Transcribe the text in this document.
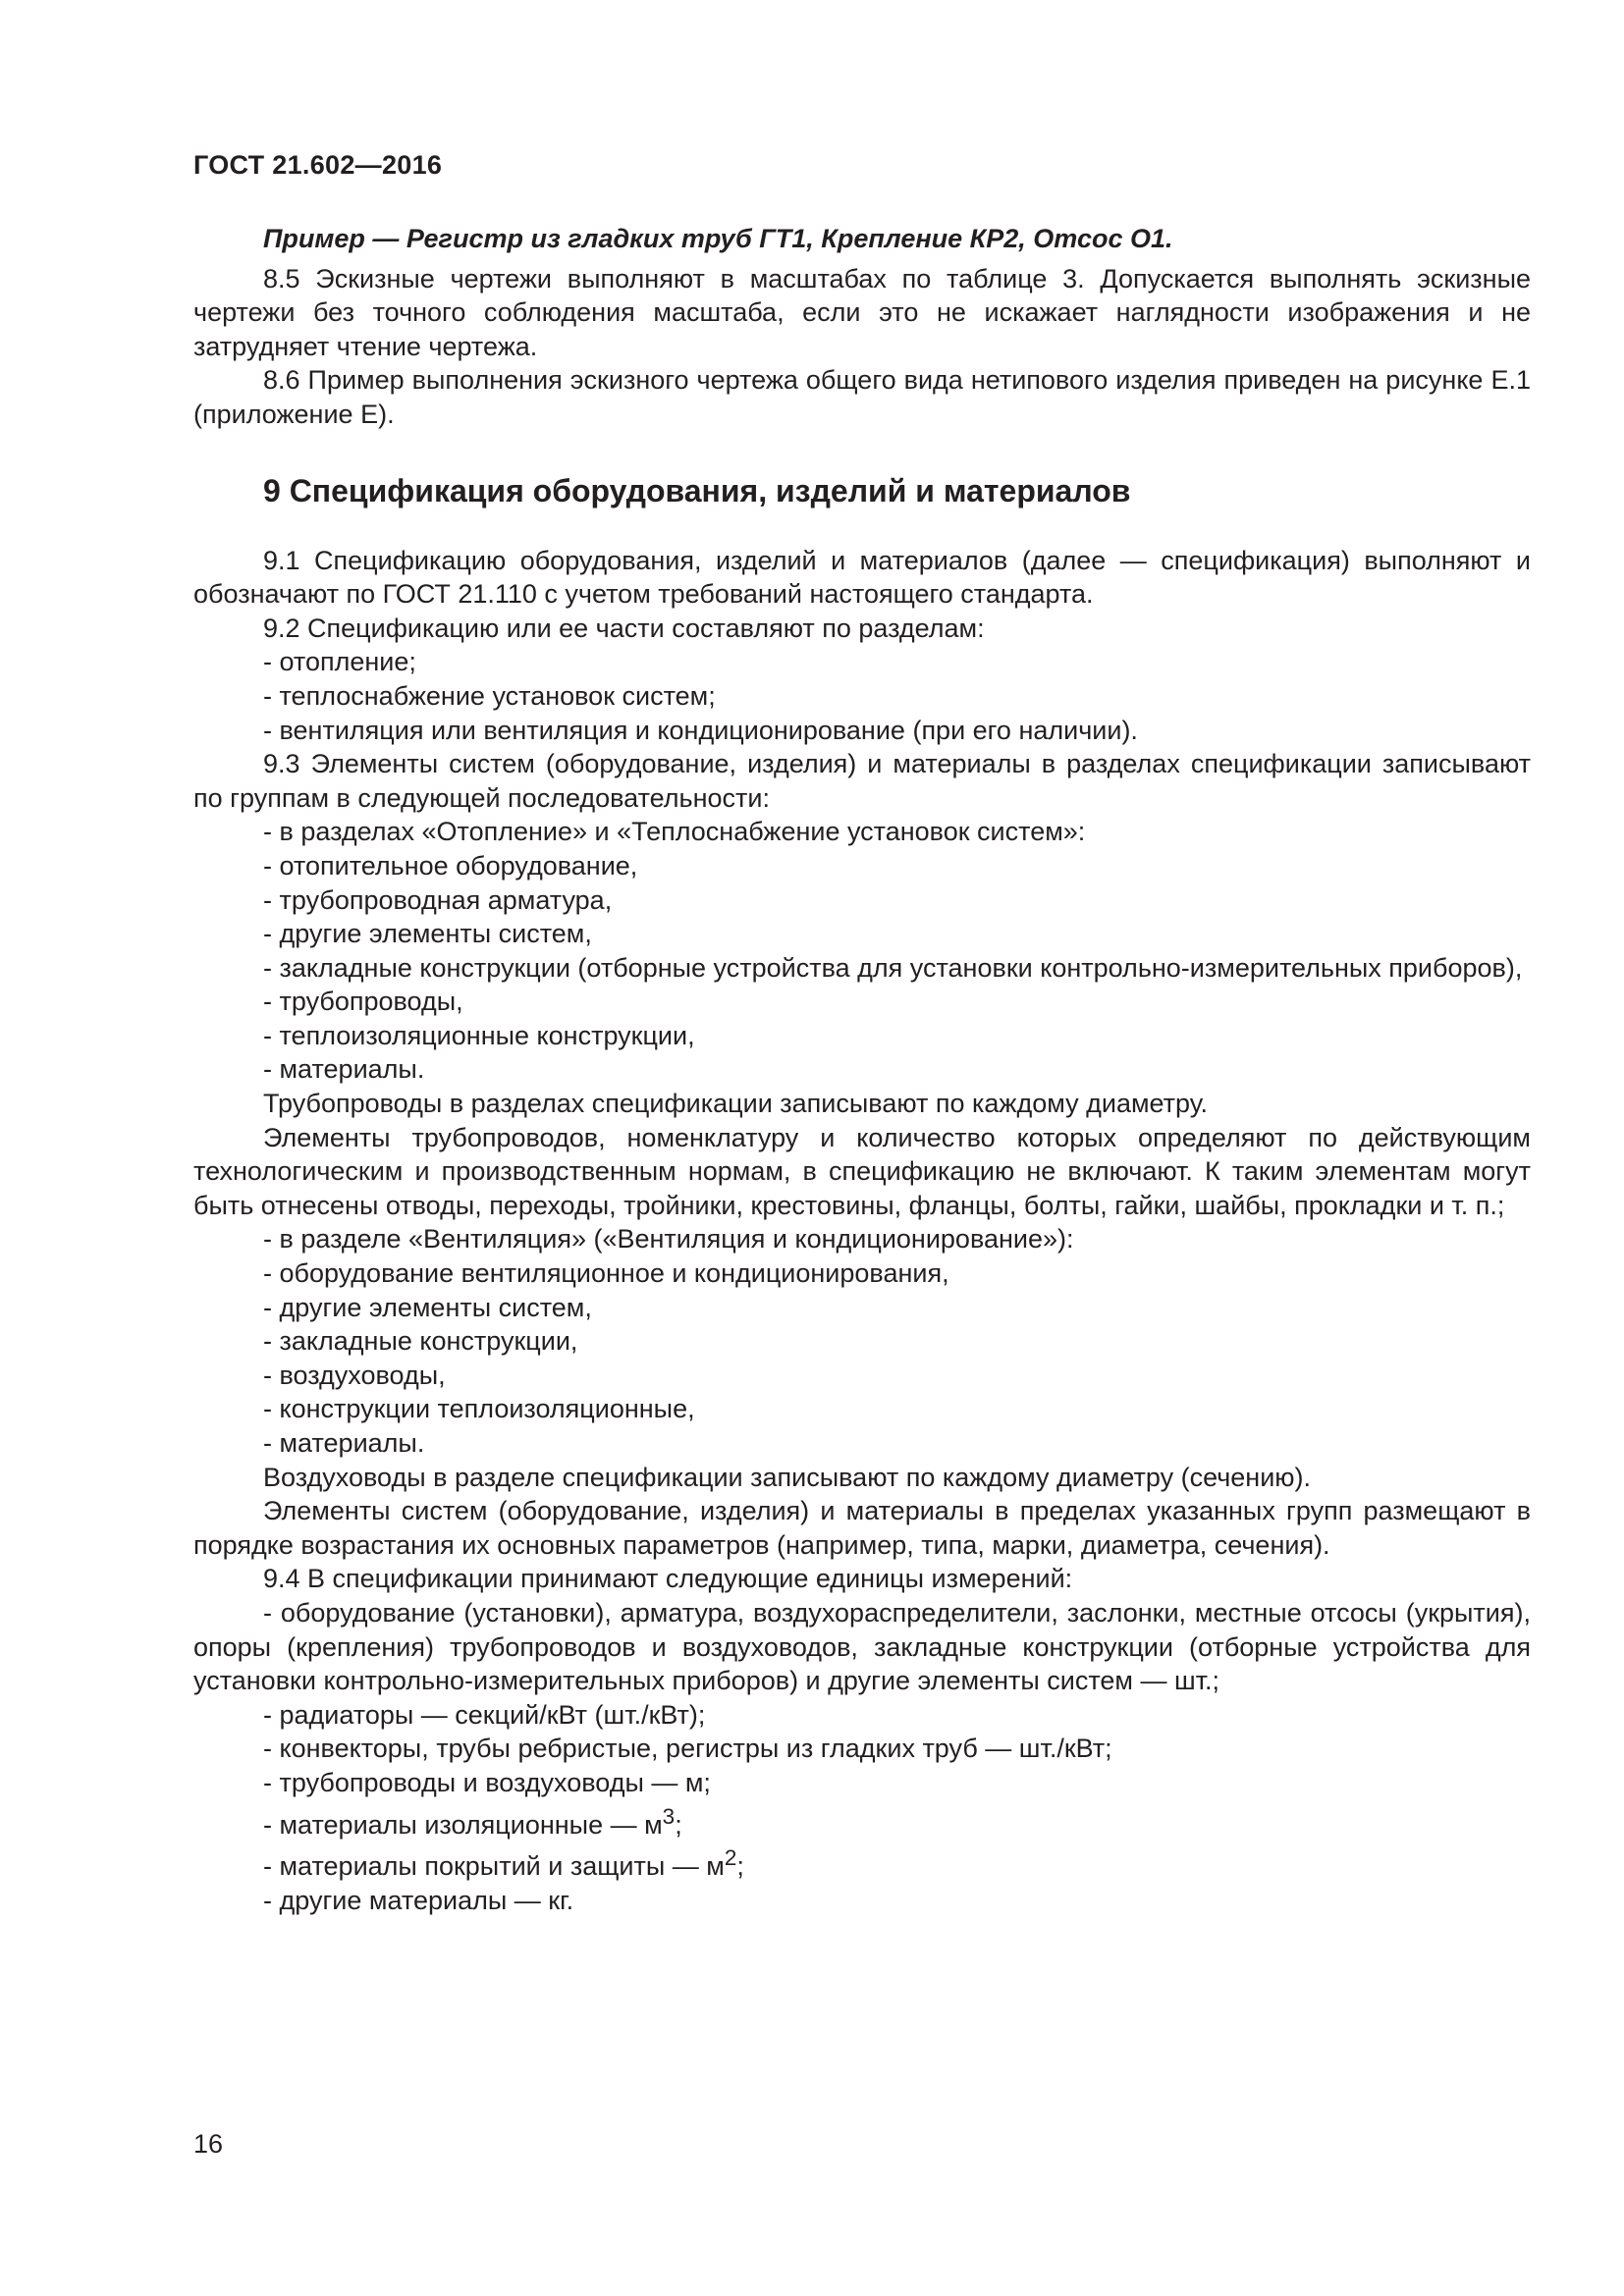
ГОСТ 21.602—2016

Пример — Регистр из гладких труб ГТ1, Крепление КР2, Отсос О1.

8.5 Эскизные чертежи выполняют в масштабах по таблице 3. Допускается выполнять эскизные чертежи без точного соблюдения масштаба, если это не искажает наглядности изображения и не затрудняет чтение чертежа.

8.6 Пример выполнения эскизного чертежа общего вида нетипового изделия приведен на рисунке Е.1 (приложение Е).

9 Спецификация оборудования, изделий и материалов

9.1 Спецификацию оборудования, изделий и материалов (далее — спецификация) выполняют и обозначают по ГОСТ 21.110 с учетом требований настоящего стандарта.

9.2 Спецификацию или ее части составляют по разделам:

- отопление;

- теплоснабжение установок систем;

- вентиляция или вентиляция и кондиционирование (при его наличии).

9.3 Элементы систем (оборудование, изделия) и материалы в разделах спецификации записывают по группам в следующей последовательности:

- в разделах «Отопление» и «Теплоснабжение установок систем»:

- отопительное оборудование,

- трубопроводная арматура,

- другие элементы систем,

- закладные конструкции (отборные устройства для установки контрольно-измерительных приборов),

- трубопроводы,

- теплоизоляционные конструкции,

- материалы.

Трубопроводы в разделах спецификации записывают по каждому диаметру.

Элементы трубопроводов, номенклатуру и количество которых определяют по действующим технологическим и производственным нормам, в спецификацию не включают. К таким элементам могут быть отнесены отводы, переходы, тройники, крестовины, фланцы, болты, гайки, шайбы, прокладки и т. п.;

- в разделе «Вентиляция» («Вентиляция и кондиционирование»):

- оборудование вентиляционное и кондиционирования,

- другие элементы систем,

- закладные конструкции,

- воздуховоды,

- конструкции теплоизоляционные,

- материалы.

Воздуховоды в разделе спецификации записывают по каждому диаметру (сечению).

Элементы систем (оборудование, изделия) и материалы в пределах указанных групп размещают в порядке возрастания их основных параметров (например, типа, марки, диаметра, сечения).

9.4 В спецификации принимают следующие единицы измерений:

- оборудование (установки), арматура, воздухораспределители, заслонки, местные отсосы (укрытия), опоры (крепления) трубопроводов и воздуховодов, закладные конструкции (отборные устройства для установки контрольно-измерительных приборов) и другие элементы систем — шт.;

- радиаторы — секций/кВт (шт./кВт);

- конвекторы, трубы ребристые, регистры из гладких труб — шт./кВт;

- трубопроводы и воздуховоды — м;

- материалы изоляционные — $м^3$;

- материалы покрытий и защиты — $м^2$;

- другие материалы — кг.

16
